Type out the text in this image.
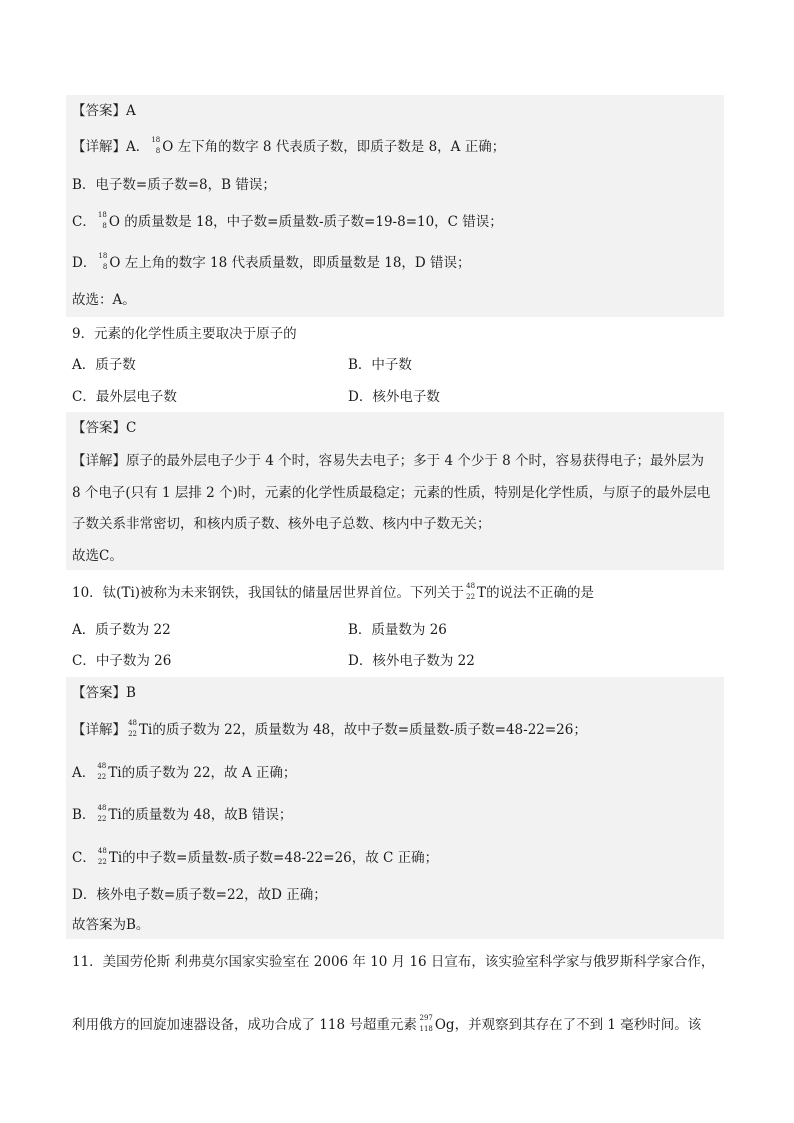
【答案】A
【详解】A． 18
8 O 左下角的数字 8 代表质子数，即质子数是 8，A 正确；
B．电子数=质子数=8，B 错误；
C． 18
8 O 的质量数是 18，中子数=质量数-质子数=19-8=10，C 错误；
D． 18
8 O 左上角的数字 18 代表质量数，即质量数是 18，D 错误；
故选：A。
9．元素的化学性质主要取决于原子的
A．质子数	B．中子数
C．最外层电子数	D．核外电子数
【答案】C
【详解】原子的最外层电子少于 4 个时，容易失去电子；多于 4 个少于 8 个时，容易获得电子；最外层为
8 个电子(只有 1 层排 2 个)时，元素的化学性质最稳定；元素的性质，特别是化学性质，与原子的最外层电
子数关系非常密切，和核内质子数、核外电子总数、核内中子数无关；
故选C。
10．钛(Ti)被称为未来钢铁，我国钛的储量居世界首位。下列关于 48
22 T的说法不正确的是
A．质子数为 22	B．质量数为 26
C．中子数为 26	D．核外电子数为 22
【答案】B
【详解】 48
22 Ti的质子数为 22，质量数为 48，故中子数=质量数-质子数=48-22=26；
A． 48
22 Ti的质子数为 22，故 A 正确；
B． 48
22 Ti的质量数为 48，故B 错误；
C． 48
22 Ti的中子数=质量数-质子数=48-22=26，故 C 正确；
D．核外电子数=质子数=22，故D 正确；
故答案为B。
11．美国劳伦斯 利弗莫尔国家实验室在 2006 年 10 月 16 日宣布，该实验室科学家与俄罗斯科学家合作，
利用俄方的回旋加速器设备，成功合成了 118 号超重元素 297
118 Og，并观察到其存在了不到 1 毫秒时间。该
